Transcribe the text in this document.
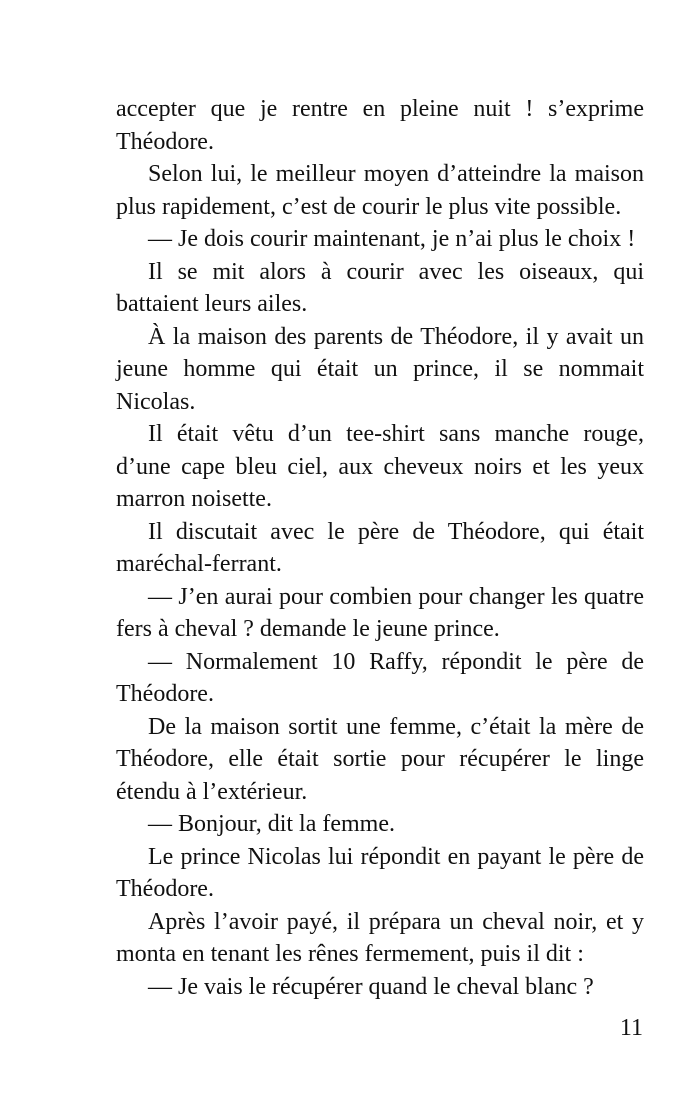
accepter que je rentre en pleine nuit ! s’exprime Théodore.

Selon lui, le meilleur moyen d’atteindre la maison plus rapidement, c’est de courir le plus vite possible.

— Je dois courir maintenant, je n’ai plus le choix !

Il se mit alors à courir avec les oiseaux, qui battaient leurs ailes.

À la maison des parents de Théodore, il y avait un jeune homme qui était un prince, il se nommait Nicolas.

Il était vêtu d’un tee-shirt sans manche rouge, d’une cape bleu ciel, aux cheveux noirs et les yeux marron noisette.

Il discutait avec le père de Théodore, qui était maréchal-ferrant.

— J’en aurai pour combien pour changer les quatre fers à cheval ? demande le jeune prince.

— Normalement 10 Raffy, répondit le père de Théodore.

De la maison sortit une femme, c’était la mère de Théodore, elle était sortie pour récupérer le linge étendu à l’extérieur.

— Bonjour, dit la femme.

Le prince Nicolas lui répondit en payant le père de Théodore.

Après l’avoir payé, il prépara un cheval noir, et y monta en tenant les rênes fermement, puis il dit :

— Je vais le récupérer quand le cheval blanc ?

11
